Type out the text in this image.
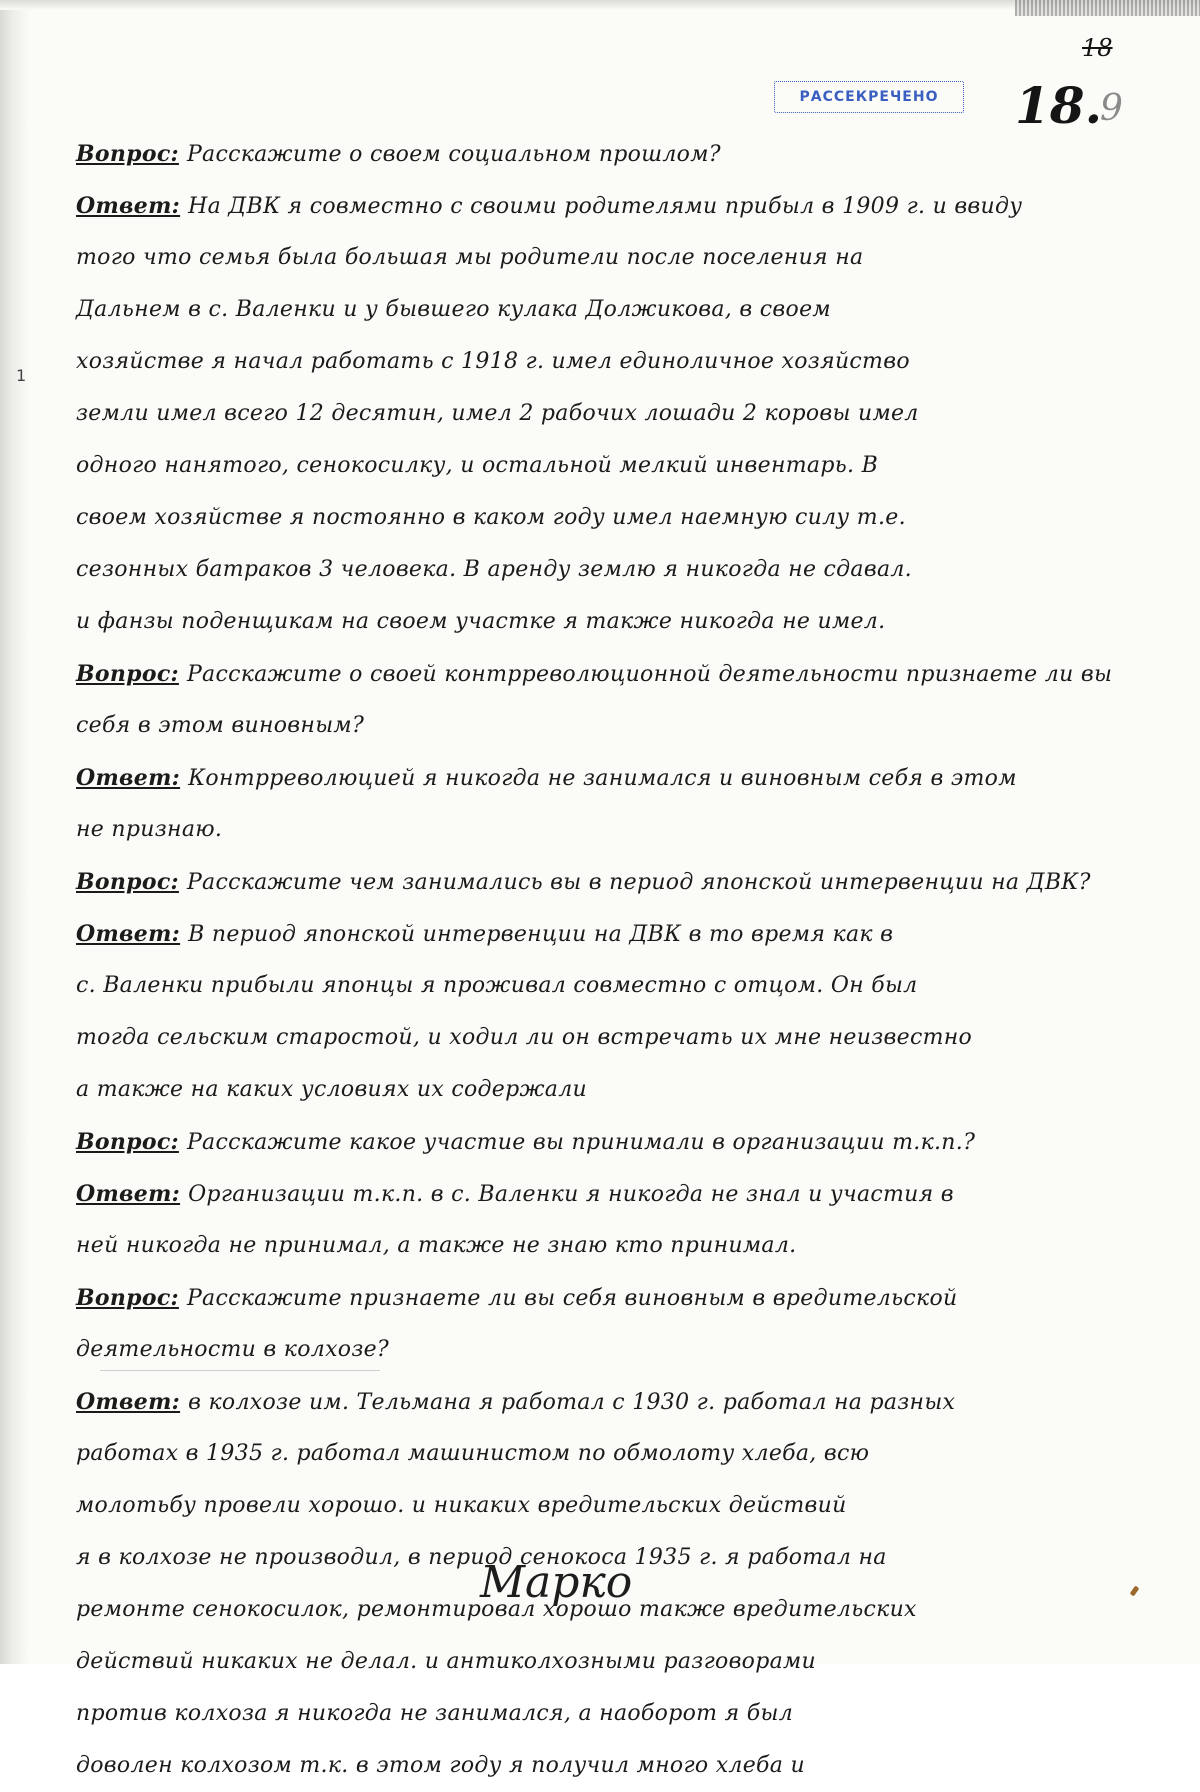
РАССЕКРЕЧЕНО
18
18.
9
1
Вопрос: Расскажите о своем социальном прошлом?
Ответ: На ДВК я совместно с своими родителями прибыл в 1909 г. и ввиду
того что семья была большая мы родители после поселения на
Дальнем в с. Валенки и у бывшего кулака Должикова, в своем
хозяйстве я начал работать с 1918 г. имел единоличное хозяйство
земли имел всего 12 десятин, имел 2 рабочих лошади 2 коровы имел
одного нанятого, сенокосилку, и остальной мелкий инвентарь. В
своем хозяйстве я постоянно в каком году имел наемную силу т.е.
сезонных батраков 3 человека. В аренду землю я никогда не сдавал.
и фанзы поденщикам на своем участке я также никогда не имел.
Вопрос: Расскажите о своей контрреволюционной деятельности признаете ли вы
себя в этом виновным?
Ответ: Контрреволюцией я никогда не занимался и виновным себя в этом
не признаю.
Вопрос: Расскажите чем занимались вы в период японской интервенции на ДВК?
Ответ: В период японской интервенции на ДВК в то время как в
с. Валенки прибыли японцы я проживал совместно с отцом. Он был
тогда сельским старостой, и ходил ли он встречать их мне неизвестно
а также на каких условиях их содержали
Вопрос: Расскажите какое участие вы принимали в организации т.к.п.?
Ответ: Организации т.к.п. в с. Валенки я никогда не знал и участия в
ней никогда не принимал, а также не знаю кто принимал.
Вопрос: Расскажите признаете ли вы себя виновным в вредительской
деятельности в колхозе?
Ответ: в колхозе им. Тельмана я работал с 1930 г. работал на разных
работах в 1935 г. работал машинистом по обмолоту хлеба, всю
молотьбу провели хорошо. и никаких вредительских действий
я в колхозе не производил, в период сенокоса 1935 г. я работал на
ремонте сенокосилок, ремонтировал хорошо также вредительских
действий никаких не делал. и антиколхозными разговорами
против колхоза я никогда не занимался, а наоборот я был
доволен колхозом т.к. в этом году я получил много хлеба и
Марко
